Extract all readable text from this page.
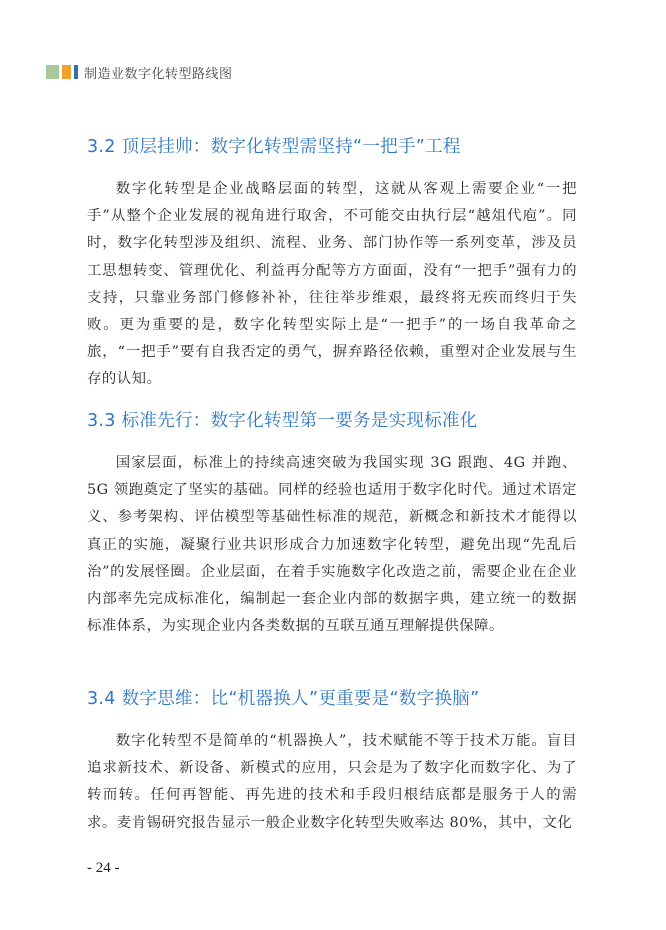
制造业数字化转型路线图
3.2 顶层挂帅：数字化转型需坚持“一把手”工程

数字化转型是企业战略层面的转型，这就从客观上需要企业“一把手”从整个企业发展的视角进行取舍，不可能交由执行层“越俎代庖”。同时，数字化转型涉及组织、流程、业务、部门协作等一系列变革，涉及员工思想转变、管理优化、利益再分配等方方面面，没有“一把手”强有力的支持，只靠业务部门修修补补，往往举步维艰，最终将无疾而终归于失败。更为重要的是，数字化转型实际上是“一把手”的一场自我革命之旅，“一把手”要有自我否定的勇气，摒弃路径依赖，重塑对企业发展与生存的认知。

3.3 标准先行：数字化转型第一要务是实现标准化

国家层面，标准上的持续高速突破为我国实现 3G 跟跑、4G 并跑、5G 领跑奠定了坚实的基础。同样的经验也适用于数字化时代。通过术语定义、参考架构、评估模型等基础性标准的规范，新概念和新技术才能得以真正的实施，凝聚行业共识形成合力加速数字化转型，避免出现“先乱后治”的发展怪圈。企业层面，在着手实施数字化改造之前，需要企业在企业内部率先完成标准化，编制起一套企业内部的数据字典，建立统一的数据标准体系，为实现企业内各类数据的互联互通互理解提供保障。

3.4 数字思维：比“机器换人”更重要是“数字换脑”

数字化转型不是简单的“机器换人”，技术赋能不等于技术万能。盲目追求新技术、新设备、新模式的应用，只会是为了数字化而数字化、为了转而转。任何再智能、再先进的技术和手段归根结底都是服务于人的需求。麦肯锡研究报告显示一般企业数字化转型失败率达 80%，其中，文化

- 24 -
